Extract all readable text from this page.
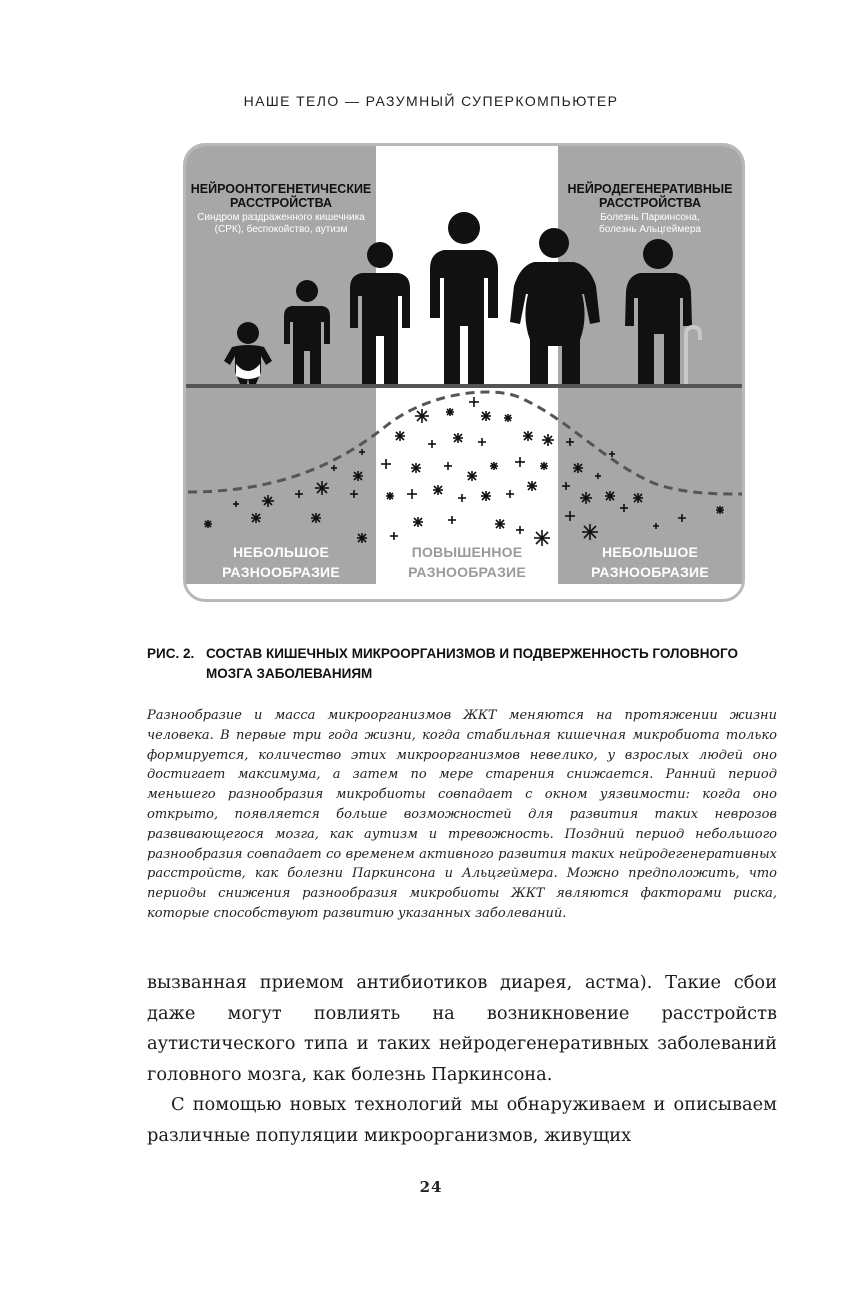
НАШЕ ТЕЛО — РАЗУМНЫЙ СУПЕРКОМПЬЮТЕР
НЕЙРООНТОГЕНЕТИЧЕСКИЕ
РАССТРОЙСТВА
Синдром раздраженного кишечника
(СРК), беспокойство, аутизм
НЕЙРОДЕГЕНЕРАТИВНЫЕ
РАССТРОЙСТВА
Болезнь Паркинсона,
болезнь Альцгеймера
НЕБОЛЬШОЕ
РАЗНООБРАЗИЕ
ПОВЫШЕННОЕ
РАЗНООБРАЗИЕ
НЕБОЛЬШОЕ
РАЗНООБРАЗИЕ
РИС. 2. СОСТАВ КИШЕЧНЫХ МИКРООРГАНИЗМОВ И ПОДВЕРЖЕННОСТЬ ГОЛОВНОГО МОЗГА ЗАБОЛЕВАНИЯМ
Разнообразие и масса микроорганизмов ЖКТ меняются на протяжении жизни человека. В первые три года жизни, когда стабильная кишечная микробиота только формируется, количество этих микроорганизмов невелико, у взрослых людей оно достигает максимума, а затем по мере старения снижается. Ранний период меньшего разнообразия микробиоты совпадает с окном уязвимости: когда оно открыто, появляется больше возможностей для развития таких неврозов развивающегося мозга, как аутизм и тревожность. Поздний период небольшого разнообразия совпадает со временем активного развития таких нейродегенеративных расстройств, как болезни Паркинсона и Альцгеймера. Можно предположить, что периоды снижения разнообразия микробиоты ЖКТ являются факторами риска, которые способствуют развитию указанных заболеваний.

вызванная приемом антибиотиков диарея, астма). Такие сбои даже могут повлиять на возникновение расстройств аутистического типа и таких нейродегенеративных заболеваний головного мозга, как болезнь Паркинсона.

С помощью новых технологий мы обнаруживаем и описываем различные популяции микроорганизмов, живущих

24
